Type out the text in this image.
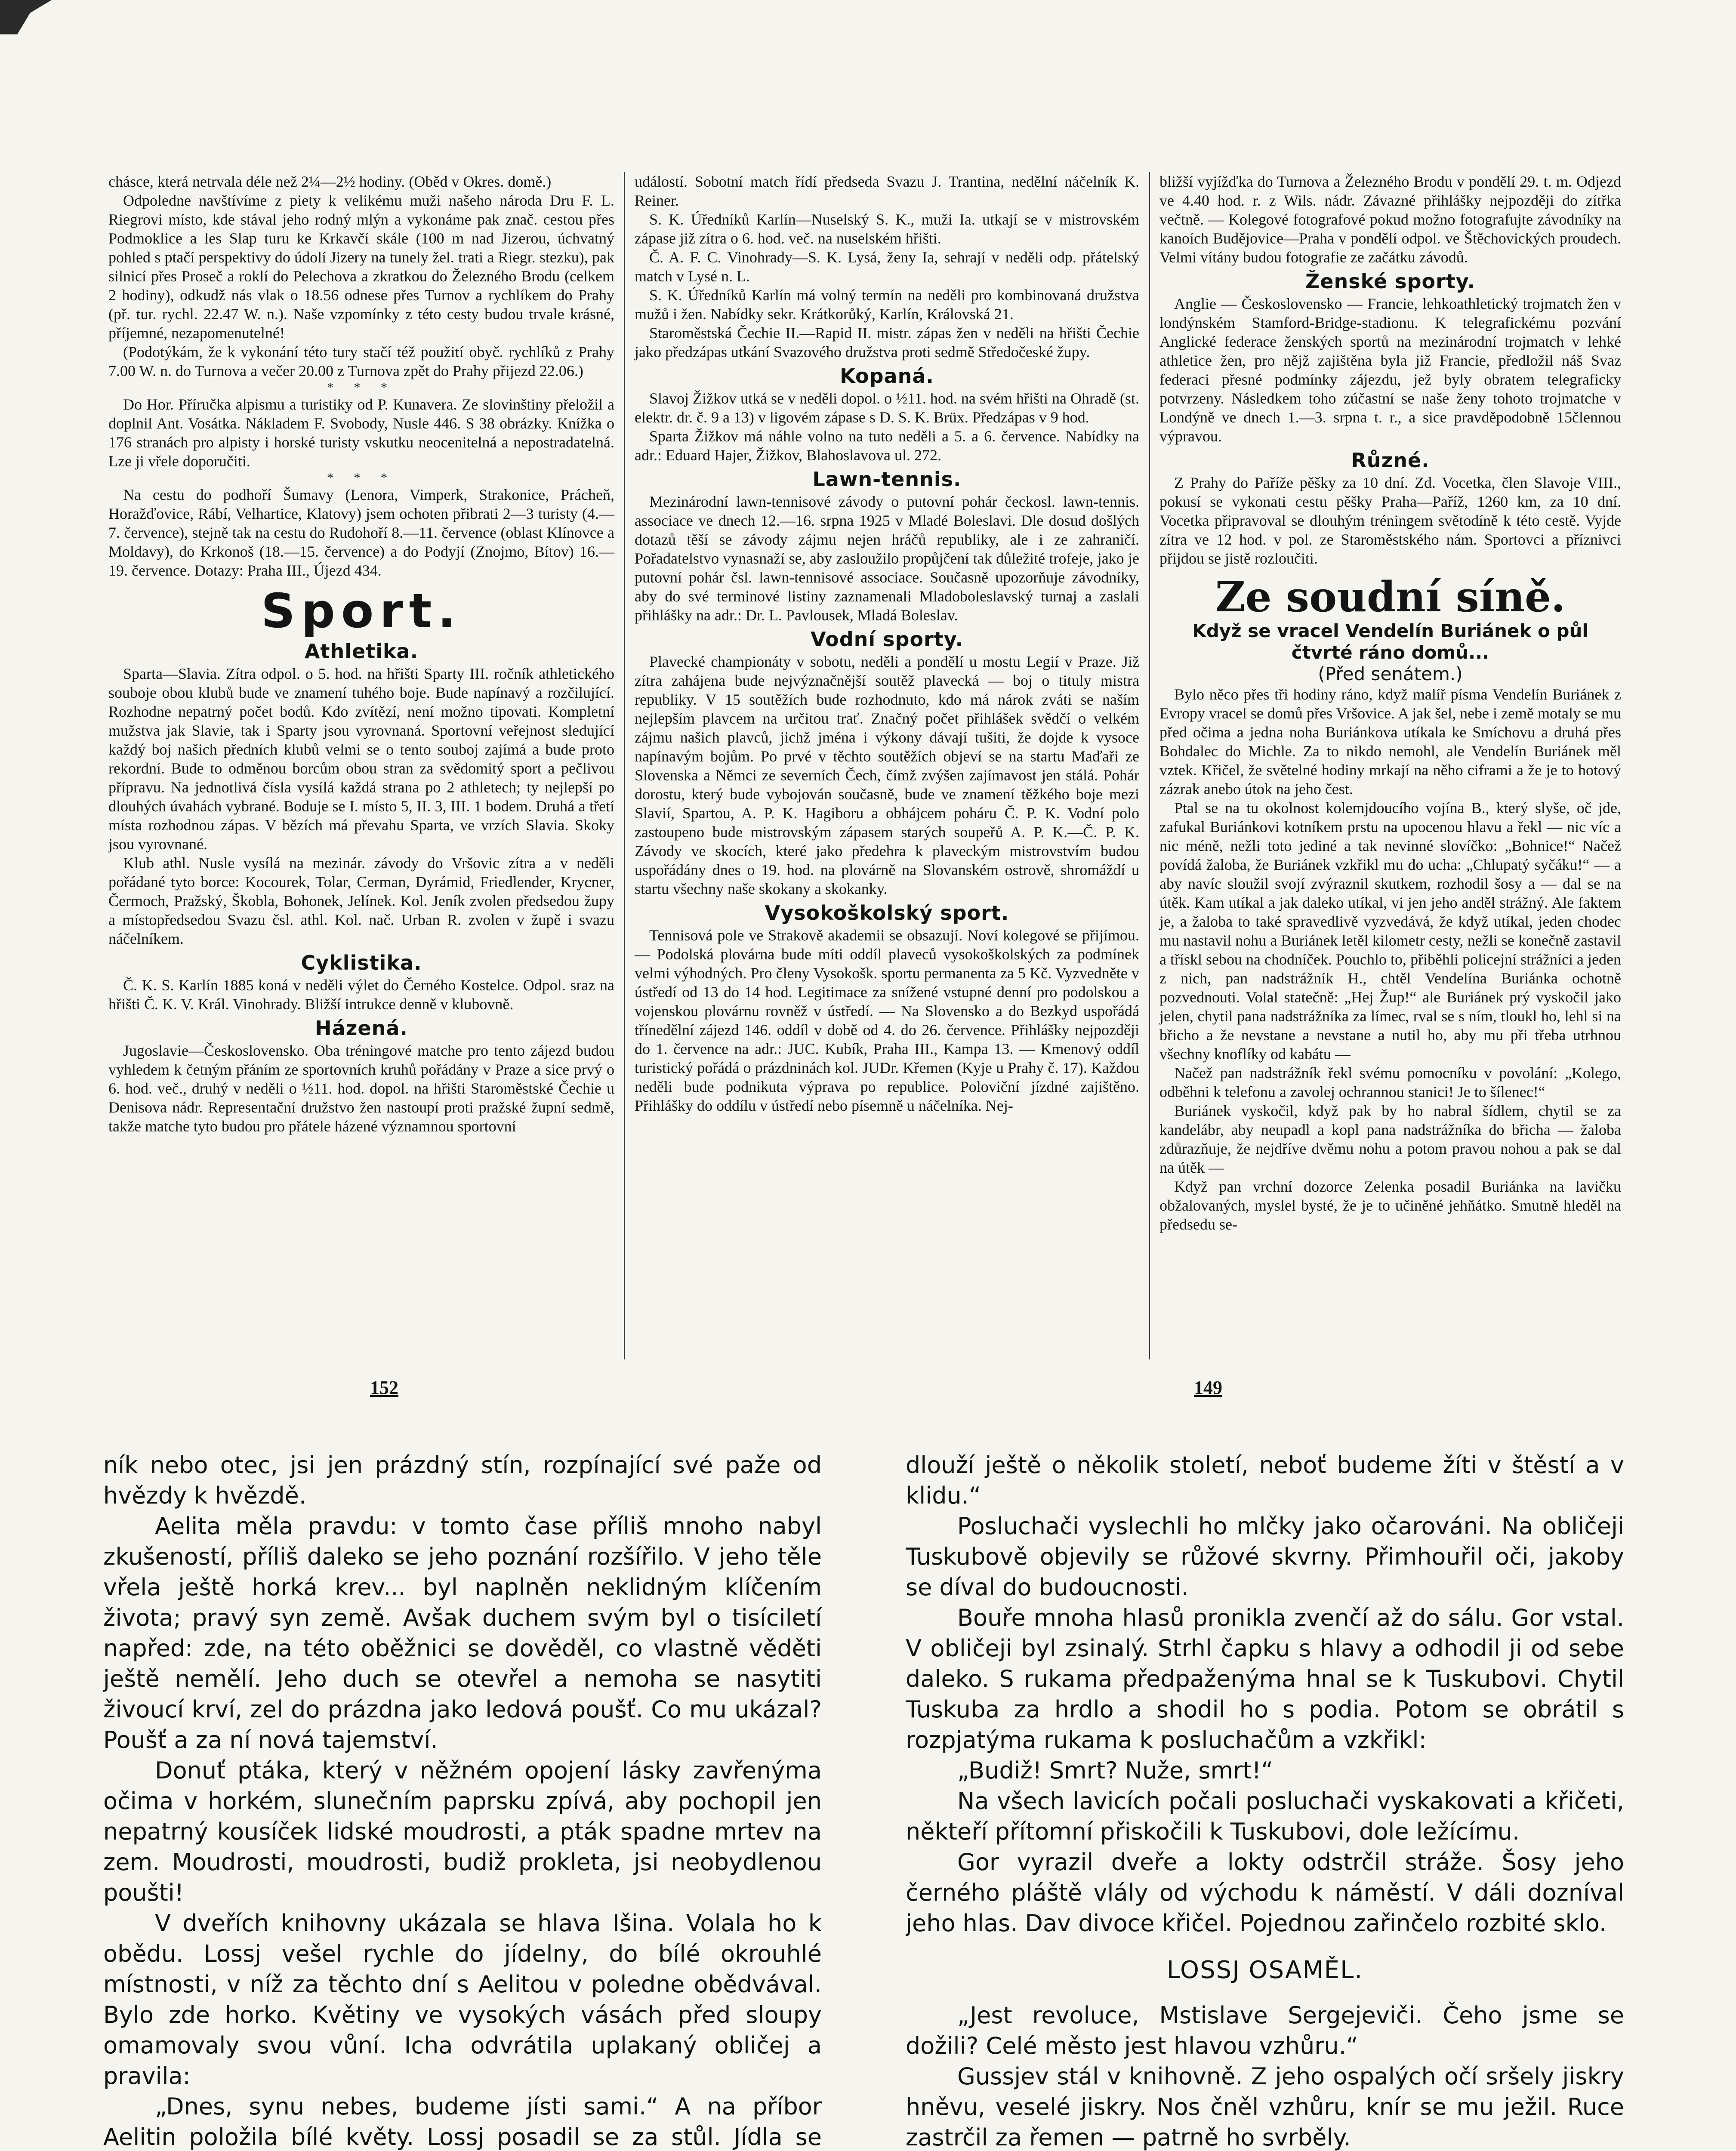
chásce, která netrvala déle než 2¼—2½ hodiny. (Oběd v Okres. domě.)

Odpoledne navštívíme z piety k velikému muži našeho národa Dru F. L. Riegrovi místo, kde stával jeho rodný mlýn a vykonáme pak znač. cestou přes Podmoklice a les Slap turu ke Krkavčí skále (100 m nad Jizerou, úchvatný pohled s ptačí perspektivy do údolí Jizery na tunely žel. trati a Riegr. stezku), pak silnicí přes Proseč a roklí do Pelechova a zkratkou do Železného Brodu (celkem 2 hodiny), odkudž nás vlak o 18.56 odnese přes Turnov a rychlíkem do Prahy (př. tur. rychl. 22.47 W. n.). Naše vzpomínky z této cesty budou trvale krásné, příjemné, nezapomenutelné!

(Podotýkám, že k vykonání této tury stačí též použití obyč. rychlíků z Prahy 7.00 W. n. do Turnova a večer 20.00 z Turnova zpět do Prahy přijezd 22.06.)

* * *

Do Hor. Příručka alpismu a turistiky od P. Kunavera. Ze slovinštiny přeložil a doplnil Ant. Vosátka. Nákladem F. Svobody, Nusle 446. S 38 obrázky. Knížka o 176 stranách pro alpisty i horské turisty vskutku neocenitelná a nepostradatelná. Lze ji vřele doporučiti.

* * *

Na cestu do podhoří Šumavy (Lenora, Vimperk, Strakonice, Prácheň, Horažďovice, Rábí, Velhartice, Klatovy) jsem ochoten přibrati 2—3 turisty (4.—7. července), stejně tak na cestu do Rudohoří 8.—11. července (oblast Klínovce a Moldavy), do Krkonoš (18.—15. července) a do Podyjí (Znojmo, Bítov) 16.—19. července. Dotazy: Praha III., Újezd 434.

Sport.
Athletika.

Sparta—Slavia. Zítra odpol. o 5. hod. na hřišti Sparty III. ročník athletického souboje obou klubů bude ve znamení tuhého boje. Bude napínavý a rozčilující. Rozhodne nepatrný počet bodů. Kdo zvítězí, není možno tipovati. Kompletní mužstva jak Slavie, tak i Sparty jsou vyrovnaná. Sportovní veřejnost sledující každý boj našich předních klubů velmi se o tento souboj zajímá a bude proto rekordní. Bude to odměnou borcům obou stran za svědomitý sport a pečlivou přípravu. Na jednotlivá čísla vysílá každá strana po 2 athletech; ty nejlepší po dlouhých úvahách vybrané. Boduje se I. místo 5, II. 3, III. 1 bodem. Druhá a třetí místa rozhodnou zápas. V bězích má převahu Sparta, ve vrzích Slavia. Skoky jsou vyrovnané.

Klub athl. Nusle vysílá na mezinár. závody do Vršovic zítra a v neděli pořádané tyto borce: Kocourek, Tolar, Cerman, Dyrámid, Friedlender, Krycner, Čermoch, Pražský, Škobla, Bohonek, Jelínek. Kol. Jeník zvolen předsedou župy a místopředsedou Svazu čsl. athl. Kol. nač. Urban R. zvolen v župě i svazu náčelníkem.

Cyklistika.

Č. K. S. Karlín 1885 koná v neděli výlet do Černého Kostelce. Odpol. sraz na hřišti Č. K. V. Král. Vinohrady. Bližší intrukce denně v klubovně.

Házená.

Jugoslavie—Československo. Oba tréningové matche pro tento zájezd budou vyhledem k četným přáním ze sportovních kruhů pořádány v Praze a sice prvý o 6. hod. več., druhý v neděli o ½11. hod. dopol. na hřišti Staroměstské Čechie u Denisova nádr. Representační družstvo žen nastoupí proti pražské župní sedmě, takže matche tyto budou pro přátele házené významnou sportovní

událostí. Sobotní match řídí předseda Svazu J. Trantina, nedělní náčelník K. Reiner.

S. K. Úředníků Karlín—Nuselský S. K., muži Ia. utkají se v mistrovském zápase již zítra o 6. hod. več. na nuselském hřišti.

Č. A. F. C. Vinohrady—S. K. Lysá, ženy Ia, sehrají v neděli odp. přátelský match v Lysé n. L.

S. K. Úředníků Karlín má volný termín na neděli pro kombinovaná družstva mužů i žen. Nabídky sekr. Krátkorůký, Karlín, Královská 21.

Staroměstská Čechie II.—Rapid II. mistr. zápas žen v neděli na hřišti Čechie jako předzápas utkání Svazového družstva proti sedmě Středočeské župy.

Kopaná.

Slavoj Žižkov utká se v neděli dopol. o ½11. hod. na svém hřišti na Ohradě (st. elektr. dr. č. 9 a 13) v ligovém zápase s D. S. K. Brüx. Předzápas v 9 hod.

Sparta Žižkov má náhle volno na tuto neděli a 5. a 6. července. Nabídky na adr.: Eduard Hajer, Žižkov, Blahoslavova ul. 272.

Lawn-tennis.

Mezinárodní lawn-tennisové závody o putovní pohár čeckosl. lawn-tennis. associace ve dnech 12.—16. srpna 1925 v Mladé Boleslavi. Dle dosud došlých dotazů těší se závody zájmu nejen hráčů republiky, ale i ze zahraničí. Pořadatelstvo vynasnaží se, aby zasloužilo propůjčení tak důležité trofeje, jako je putovní pohár čsl. lawn-tennisové associace. Současně upozorňuje závodníky, aby do své terminové listiny zaznamenali Mladoboleslavský turnaj a zaslali přihlášky na adr.: Dr. L. Pavlousek, Mladá Boleslav.

Vodní sporty.

Plavecké championáty v sobotu, neděli a pondělí u mostu Legií v Praze. Již zítra zahájena bude nejvýznačnější soutěž plavecká — boj o tituly mistra republiky. V 15 soutěžích bude rozhodnuto, kdo má nárok zváti se naším nejlepším plavcem na určitou trať. Značný počet přihlášek svědčí o velkém zájmu našich plavců, jichž jména i výkony dávají tušiti, že dojde k vysoce napínavým bojům. Po prvé v těchto soutěžích objeví se na startu Maďaři ze Slovenska a Němci ze severních Čech, čímž zvýšen zajímavost jen stálá. Pohár dorostu, který bude vybojován současně, bude ve znamení těžkého boje mezi Slavií, Spartou, A. P. K. Hagiboru a obhájcem poháru Č. P. K. Vodní polo zastoupeno bude mistrovským zápasem starých soupeřů A. P. K.—Č. P. K. Závody ve skocích, které jako předehra k plaveckým mistrovstvím budou uspořádány dnes o 19. hod. na plovárně na Slovanském ostrově, shromáždí u startu všechny naše skokany a skokanky.

Vysokoškolský sport.

Tennisová pole ve Strakově akademii se obsazují. Noví kolegové se přijímou. — Podolská plovárna bude míti oddíl plaveců vysokoškolských za podmínek velmi výhodných. Pro členy Vysokošk. sportu permanenta za 5 Kč. Vyzvedněte v ústředí od 13 do 14 hod. Legitimace za snížené vstupné denní pro podolskou a vojenskou plovárnu rovněž v ústředí. — Na Slovensko a do Bezkyd uspořádá třínedělní zájezd 146. oddíl v době od 4. do 26. července. Přihlášky nejpozději do 1. července na adr.: JUC. Kubík, Praha III., Kampa 13. — Kmenový oddíl turistický pořádá o prázdninách kol. JUDr. Křemen (Kyje u Prahy č. 17). Každou neděli bude podnikuta výprava po republice. Poloviční jízdné zajištěno. Přihlášky do oddílu v ústředí nebo písemně u náčelníka. Nej-

bližší vyjížďka do Turnova a Železného Brodu v pondělí 29. t. m. Odjezd ve 4.40 hod. r. z Wils. nádr. Závazné přihlášky nejpozději do zítřka večtně. — Kolegové fotografové pokud možno fotografujte závodníky na kanoích Budějovice—Praha v pondělí odpol. ve Štěchovických proudech. Velmi vítány budou fotografie ze začátku závodů.

Ženské sporty.

Anglie — Československo — Francie, lehkoathletický trojmatch žen v londýnském Stamford-Bridge-stadionu. K telegrafickému pozvání Anglické federace ženských sportů na mezinárodní trojmatch v lehké athletice žen, pro nějž zajištěna byla již Francie, předložil náš Svaz federaci přesné podmínky zájezdu, jež byly obratem telegraficky potvrzeny. Následkem toho zúčastní se naše ženy tohoto trojmatche v Londýně ve dnech 1.—3. srpna t. r., a sice pravděpodobně 15člennou výpravou.

Různé.

Z Prahy do Paříže pěšky za 10 dní. Zd. Vocetka, člen Slavoje VIII., pokusí se vykonati cestu pěšky Praha—Paříž, 1260 km, za 10 dní. Vocetka připravoval se dlouhým tréningem světodíně k této cestě. Vyjde zítra ve 12 hod. v pol. ze Staroměstského nám. Sportovci a příznivci přijdou se jistě rozloučiti.

Ze soudní síně.
Když se vracel Vendelín Buriánek o půl čtvrté ráno domů...
(Před senátem.)

Bylo něco přes tři hodiny ráno, když malíř písma Vendelín Buriánek z Evropy vracel se domů přes Vršovice. A jak šel, nebe i země motaly se mu před očima a jedna noha Buriánkova utíkala ke Smíchovu a druhá přes Bohdalec do Michle. Za to nikdo nemohl, ale Vendelín Buriánek měl vztek. Křičel, že světelné hodiny mrkají na něho ciframi a že je to hotový zázrak anebo útok na jeho čest.

Ptal se na tu okolnost kolemjdoucího vojína B., který slyše, oč jde, zafukal Buriánkovi kotníkem prstu na upocenou hlavu a řekl — nic víc a nic méně, nežli toto jediné a tak nevinné slovíčko: „Bohnice!“ Načež povídá žaloba, že Buriánek vzkřikl mu do ucha: „Chlupatý syčáku!“ — a aby navíc sloužil svojí zvýraznil skutkem, rozhodil šosy a — dal se na útěk. Kam utíkal a jak daleko utíkal, vi jen jeho anděl strážný. Ale faktem je, a žaloba to také spravedlivě vyzvedává, že když utíkal, jeden chodec mu nastavil nohu a Buriánek letěl kilometr cesty, nežli se konečně zastavil a třískl sebou na chodníček. Pouchlo to, přiběhli policejní strážníci a jeden z nich, pan nadstrážník H., chtěl Vendelína Buriánka ochotně pozvednouti. Volal statečně: „Hej Žup!“ ale Buriánek prý vyskočil jako jelen, chytil pana nadstrážníka za límec, rval se s ním, tloukl ho, lehl si na břicho a že nevstane a nevstane a nutil ho, aby mu při třeba utrhnou všechny knoflíky od kabátu —

Načež pan nadstrážník řekl svému pomocníku v povolání: „Kolego, odběhni k telefonu a zavolej ochrannou stanici! Je to šílenec!“

Buriánek vyskočil, když pak by ho nabral šídlem, chytil se za kandelábr, aby neupadl a kopl pana nadstrážníka do břicha — žaloba zdůrazňuje, že nejdříve dvěmu nohu a potom pravou nohou a pak se dal na útěk —

Když pan vrchní dozorce Zelenka posadil Buriánka na lavičku obžalovaných, myslel bysté, že je to učiněné jehňátko. Smutně hleděl na předsedu se-

152	149

ník nebo otec, jsi jen prázdný stín, rozpínající své paže od hvězdy k hvězdě.

Aelita měla pravdu: v tomto čase příliš mnoho nabyl zkušeností, příliš daleko se jeho poznání rozšířilo. V jeho těle vřela ještě horká krev... byl naplněn neklidným klíčením života; pravý syn země. Avšak duchem svým byl o tisíciletí napřed: zde, na této oběžnici se dověděl, co vlastně věděti ještě nemělí. Jeho duch se otevřel a nemoha se nasytiti živoucí krví, zel do prázdna jako ledová poušť. Co mu ukázal? Poušť a za ní nová tajemství.

Donuť ptáka, který v něžném opojení lásky zavřenýma očima v horkém, slunečním paprsku zpívá, aby pochopil jen nepatrný kousíček lidské moudrosti, a pták spadne mrtev na zem. Moudrosti, moudrosti, budiž prokleta, jsi neobydlenou poušti!

V dveřích knihovny ukázala se hlava Išina. Volala ho k obědu. Lossj vešel rychle do jídelny, do bílé okrouhlé místnosti, v níž za těchto dní s Aelitou v poledne obědvával. Bylo zde horko. Květiny ve vysokých vásách před sloupy omamovaly svou vůní. Icha odvrátila uplakaný obličej a pravila:

„Dnes, synu nebes, budeme jísti sami.“ A na příbor Aelitin položila bílé květy. Lossj posadil se za stůl. Jídla se

dlouží ještě o několik století, neboť budeme žíti v štěstí a v klidu.“

Posluchači vyslechli ho mlčky jako očarováni. Na obličeji Tuskubově objevily se růžové skvrny. Přimhouřil oči, jakoby se díval do budoucnosti.

Bouře mnoha hlasů pronikla zvenčí až do sálu. Gor vstal. V obličeji byl zsinalý. Strhl čapku s hlavy a odhodil ji od sebe daleko. S rukama předpaženýma hnal se k Tuskubovi. Chytil Tuskuba za hrdlo a shodil ho s podia. Potom se obrátil s rozpjatýma rukama k posluchačům a vzkřikl:

„Budiž! Smrt? Nuže, smrt!“

Na všech lavicích počali posluchači vyskakovati a křičeti, někteří přítomní přiskočili k Tuskubovi, dole ležícímu.

Gor vyrazil dveře a lokty odstrčil stráže. Šosy jeho černého pláště vlály od východu k náměstí. V dáli dozníval jeho hlas. Dav divoce křičel. Pojednou zařinčelo rozbité sklo.

LOSSJ OSAMĚL.

„Jest revoluce, Mstislave Sergejeviči. Čeho jsme se dožili? Celé město jest hlavou vzhůru.“

Gussjev stál v knihovně. Z jeho ospalých očí sršely jiskry hněvu, veselé jiskry. Nos čněl vzhůru, knír se mu ježil. Ruce zastrčil za řemen — patrně ho svrběly.
